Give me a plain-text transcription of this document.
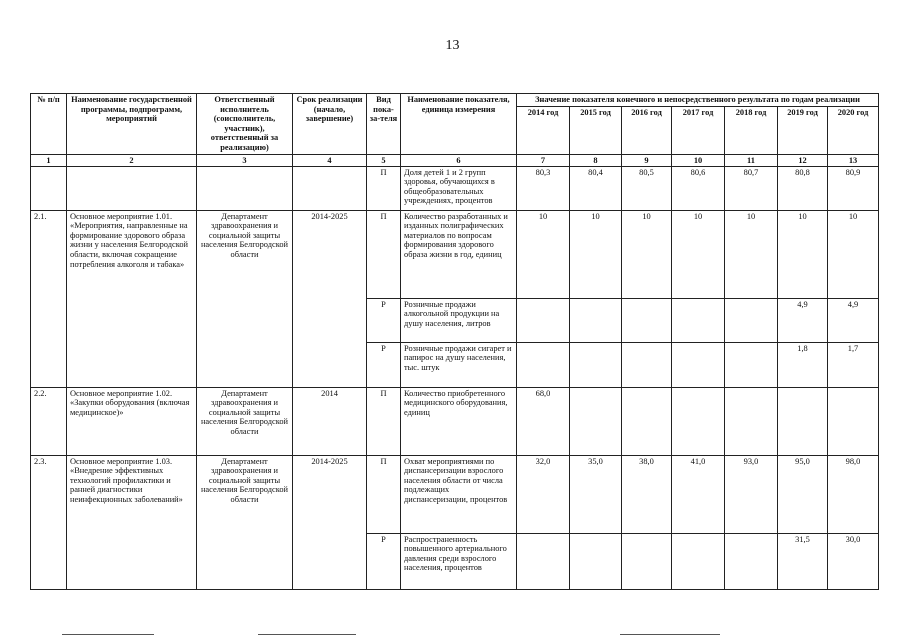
13
№ п/п	Наименование государственной программы, подпрограмм, мероприятий	Ответственный исполнитель (соисполнитель, участник), ответственный за реализацию)	Срок реализации (начало, завершение)	Вид пока-за-теля	Наименование показателя, единица измерения	Значение показателя конечного и непосредственного результата по годам реализации						
						2014 год	2015 год	2016 год	2017 год	2018 год	2019 год	2020 год
1	2	3	4	5	6	7	8	9	10	11	12	13
				П	Доля детей 1 и 2 групп здоровья, обучающихся в общеобразовательных учреждениях, процентов	80,3	80,4	80,5	80,6	80,7	80,8	80,9
2.1.	Основное мероприятие 1.01. «Мероприятия, направленные на формирование здорового образа жизни у населения Белгородской области, включая сокращение потребления алкоголя и табака»	Департамент здравоохранения и социальной защиты населения Белгородской области	2014-2025	П	Количество разработанных и изданных полиграфических материалов по вопросам формирования здорового образа жизни в год, единиц	10	10	10	10	10	10	10
				Р	Розничные продажи алкогольной продукции на душу населения, литров						4,9	4,9
				Р	Розничные продажи сигарет и папирос на душу населения, тыс. штук						1,8	1,7
2.2.	Основное мероприятие 1.02. «Закупки оборудования (включая медицинское)»	Департамент здравоохранения и социальной защиты населения Белгородской области	2014	П	Количество приобретенного медицинского оборудования, единиц	68,0						
2.3.	Основное мероприятие 1.03. «Внедрение эффективных технологий профилактики и ранней диагностики неинфекционных заболеваний»	Департамент здравоохранения и социальной защиты населения Белгородской области	2014-2025	П	Охват мероприятиями по диспансеризации взрослого населения области от числа подлежащих диспансеризации, процентов	32,0	35,0	38,0	41,0	93,0	95,0	98,0
				Р	Распространенность повышенного артериального давления среди взрослого населения, процентов						31,5	30,0
